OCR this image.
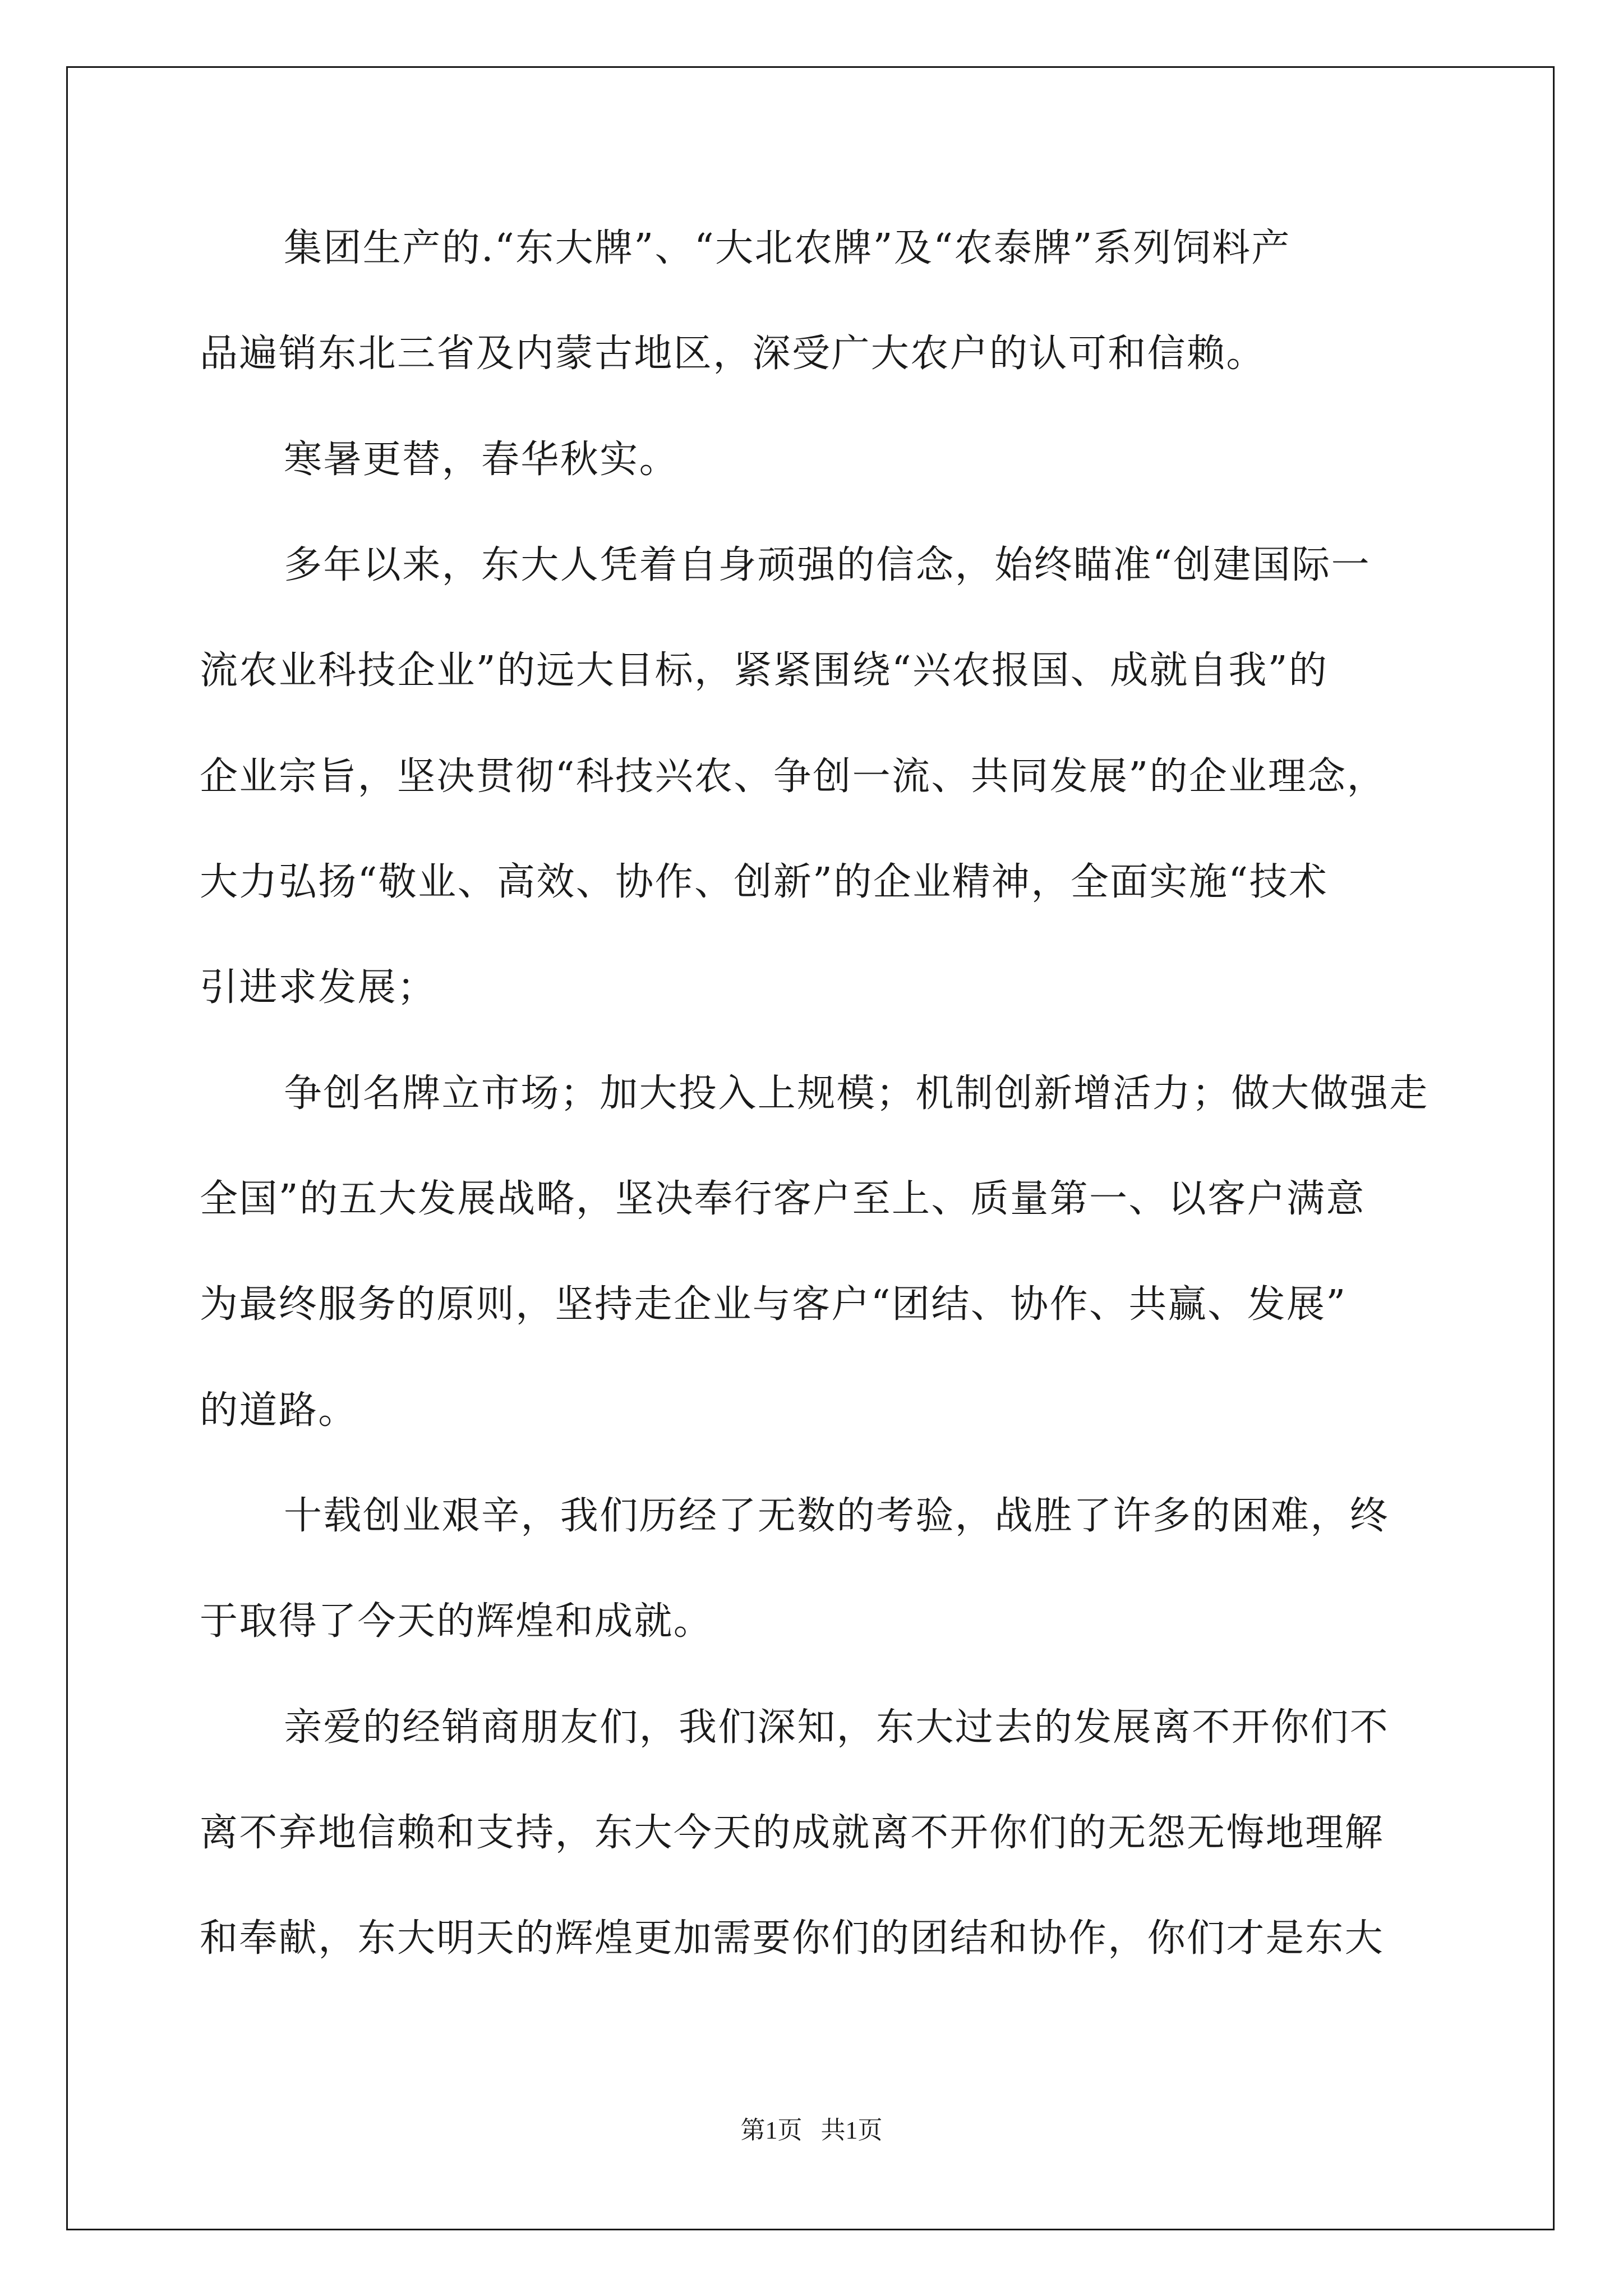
集团生产的.“东大牌”、“大北农牌”及“农泰牌”系列饲料产
品遍销东北三省及内蒙古地区，深受广大农户的认可和信赖。
寒暑更替，春华秋实。
多年以来，东大人凭着自身顽强的信念，始终瞄准“创建国际一
流农业科技企业”的远大目标，紧紧围绕“兴农报国、成就自我”的
企业宗旨，坚决贯彻“科技兴农、争创一流、共同发展”的企业理念，
大力弘扬“敬业、高效、协作、创新”的企业精神，全面实施“技术
引进求发展；
争创名牌立市场；加大投入上规模；机制创新增活力；做大做强走
全国”的五大发展战略，坚决奉行客户至上、质量第一、以客户满意
为最终服务的原则，坚持走企业与客户“团结、协作、共赢、发展”
的道路。
十载创业艰辛，我们历经了无数的考验，战胜了许多的困难，终
于取得了今天的辉煌和成就。
亲爱的经销商朋友们，我们深知，东大过去的发展离不开你们不
离不弃地信赖和支持，东大今天的成就离不开你们的无怨无悔地理解
和奉献，东大明天的辉煌更加需要你们的团结和协作，你们才是东大
第1页   共1页
